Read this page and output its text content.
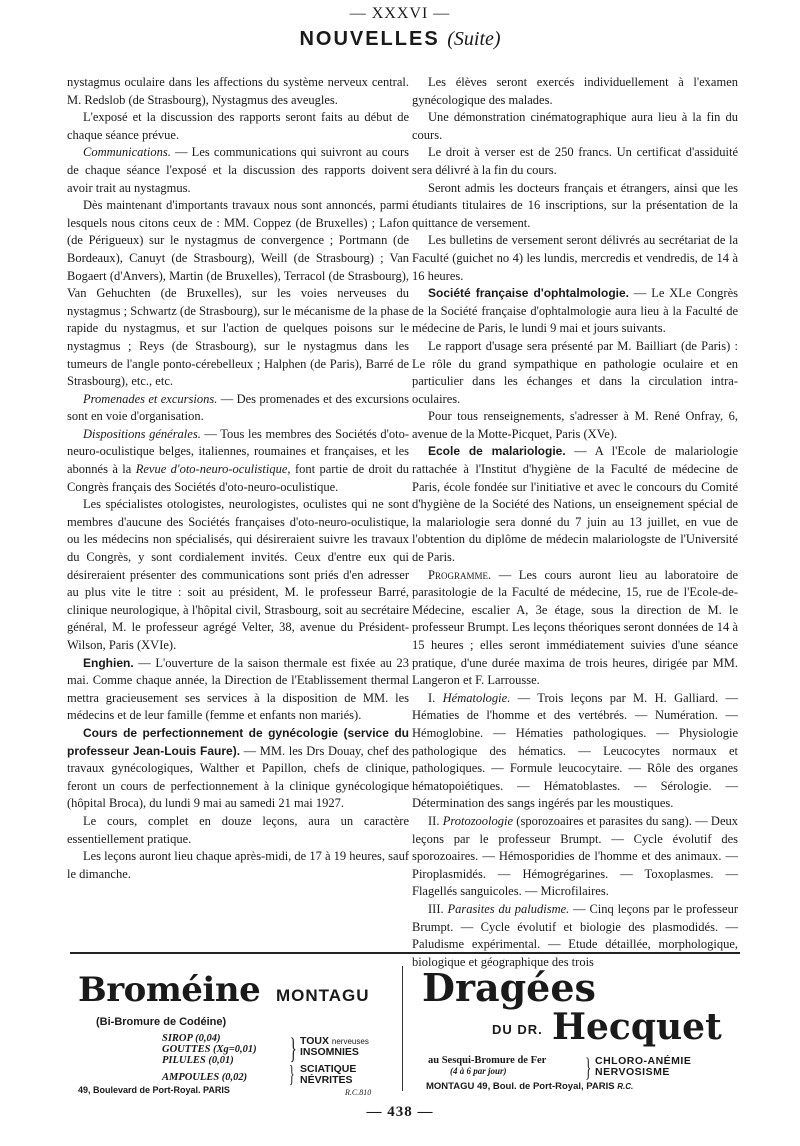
— XXXVI —
NOUVELLES (Suite)

nystagmus oculaire dans les affections du système nerveux central. M. Redslob (de Strasbourg), Nystagmus des aveugles.

L'exposé et la discussion des rapports seront faits au début de chaque séance prévue.

Communications. — Les communications qui suivront au cours de chaque séance l'exposé et la discussion des rapports doivent avoir trait au nystagmus.

Dès maintenant d'importants travaux nous sont annoncés, parmi lesquels nous citons ceux de : MM. Coppez (de Bruxelles) ; Lafon (de Périgueux) sur le nystagmus de convergence ; Portmann (de Bordeaux), Canuyt (de Strasbourg), Weill (de Strasbourg) ; Van Bogaert (d'Anvers), Martin (de Bruxelles), Terracol (de Strasbourg), Van Gehuchten (de Bruxelles), sur les voies nerveuses du nystagmus ; Schwartz (de Strasbourg), sur le mécanisme de la phase rapide du nystagmus, et sur l'action de quelques poisons sur le nystagmus ; Reys (de Strasbourg), sur le nystagmus dans les tumeurs de l'angle ponto-cérebelleux ; Halphen (de Paris), Barré de Strasbourg), etc., etc.

Promenades et excursions. — Des promenades et des excursions sont en voie d'organisation.

Dispositions générales. — Tous les membres des Sociétés d'oto-neuro-oculistique belges, italiennes, roumaines et françaises, et les abonnés à la Revue d'oto-neuro-oculistique, font partie de droit du Congrès français des Sociétés d'oto-neuro-oculistique.

Les spécialistes otologistes, neurologistes, oculistes qui ne sont membres d'aucune des Sociétés françaises d'oto-neuro-oculistique, ou les médecins non spécialisés, qui désireraient suivre les travaux du Congrès, y sont cordialement invités. Ceux d'entre eux qui désireraient présenter des communications sont priés d'en adresser au plus vite le titre : soit au président, M. le professeur Barré, clinique neurologique, à l'hôpital civil, Strasbourg, soit au secrétaire général, M. le professeur agrégé Velter, 38, avenue du Président-Wilson, Paris (XVIe).

Enghien. — L'ouverture de la saison thermale est fixée au 23 mai. Comme chaque année, la Direction de l'Etablissement thermal mettra gracieusement ses services à la disposition de MM. les médecins et de leur famille (femme et enfants non mariés).

Cours de perfectionnement de gynécologie (service du professeur Jean-Louis Faure). — MM. les Drs Douay, chef des travaux gynécologiques, Walther et Papillon, chefs de clinique, feront un cours de perfectionnement à la clinique gynécologique (hôpital Broca), du lundi 9 mai au samedi 21 mai 1927.

Le cours, complet en douze leçons, aura un caractère essentiellement pratique.

Les leçons auront lieu chaque après-midi, de 17 à 19 heures, sauf le dimanche.

Les élèves seront exercés individuellement à l'examen gynécologique des malades.

Une démonstration cinématographique aura lieu à la fin du cours.

Le droit à verser est de 250 francs. Un certificat d'assiduité sera délivré à la fin du cours.

Seront admis les docteurs français et étrangers, ainsi que les étudiants titulaires de 16 inscriptions, sur la présentation de la quittance de versement.

Les bulletins de versement seront délivrés au secrétariat de la Faculté (guichet no 4) les lundis, mercredis et vendredis, de 14 à 16 heures.

Société française d'ophtalmologie. — Le XLe Congrès de la Société française d'ophtalmologie aura lieu à la Faculté de médecine de Paris, le lundi 9 mai et jours suivants.

Le rapport d'usage sera présenté par M. Bailliart (de Paris) : Le rôle du grand sympathique en pathologie oculaire et en particulier dans les échanges et dans la circulation intra-oculaires.

Pour tous renseignements, s'adresser à M. René Onfray, 6, avenue de la Motte-Picquet, Paris (XVe).

Ecole de malariologie. — A l'Ecole de malariologie rattachée à l'Institut d'hygiène de la Faculté de médecine de Paris, école fondée sur l'initiative et avec le concours du Comité d'hygiène de la Société des Nations, un enseignement spécial de la malariologie sera donné du 7 juin au 13 juillet, en vue de l'obtention du diplôme de médecin malariologste de l'Université de Paris.

Programme. — Les cours auront lieu au laboratoire de parasitologie de la Faculté de médecine, 15, rue de l'Ecole-de-Médecine, escalier A, 3e étage, sous la direction de M. le professeur Brumpt. Les leçons théoriques seront données de 14 à 15 heures ; elles seront immédiatement suivies d'une séance pratique, d'une durée maxima de trois heures, dirigée par MM. Langeron et F. Larrousse.

I. Hématologie. — Trois leçons par M. H. Galliard. — Hématies de l'homme et des vertébrés. — Numération. — Hémoglobine. — Hématies pathologiques. — Physiologie pathologique des hématics. — Leucocytes normaux et pathologiques. — Formule leucocytaire. — Rôle des organes hématopoiétiques. — Hématoblastes. — Sérologie. — Détermination des sangs ingérés par les moustiques.

II. Protozoologie (sporozoaires et parasites du sang). — Deux leçons par le professeur Brumpt. — Cycle évolutif des sporozoaires. — Hémosporidies de l'homme et des animaux. — Piroplasmidés. — Hémogrégarines. — Toxoplasmes. — Flagellés sanguicoles. — Microfilaires.

III. Parasites du paludisme. — Cinq leçons par le professeur Brumpt. — Cycle évolutif et biologie des plasmodidés. — Paludisme expérimental. — Etude détaillée, morphologique, biologique et géographique des trois

Broméine MONTAGU
(Bi-Bromure de Codéine)
SIROP (0,04)
GOUTTES (Xg=0,01)
PILULES (0,01)
AMPOULES (0,02)
}
}
TOUX nerveuses
INSOMNIES
SCIATIQUE
NÉVRITES
49, Boulevard de Port-Royal. PARIS	R.C.810
Dragées
DU DR. Hecquet
au Sesqui-Bromure de Fer
(4 à 6 par jour)	} CHLORO-ANÉMIE
NERVOSISME
MONTAGU 49, Boul. de Port-Royal, PARIS R.C.
— 438 —
